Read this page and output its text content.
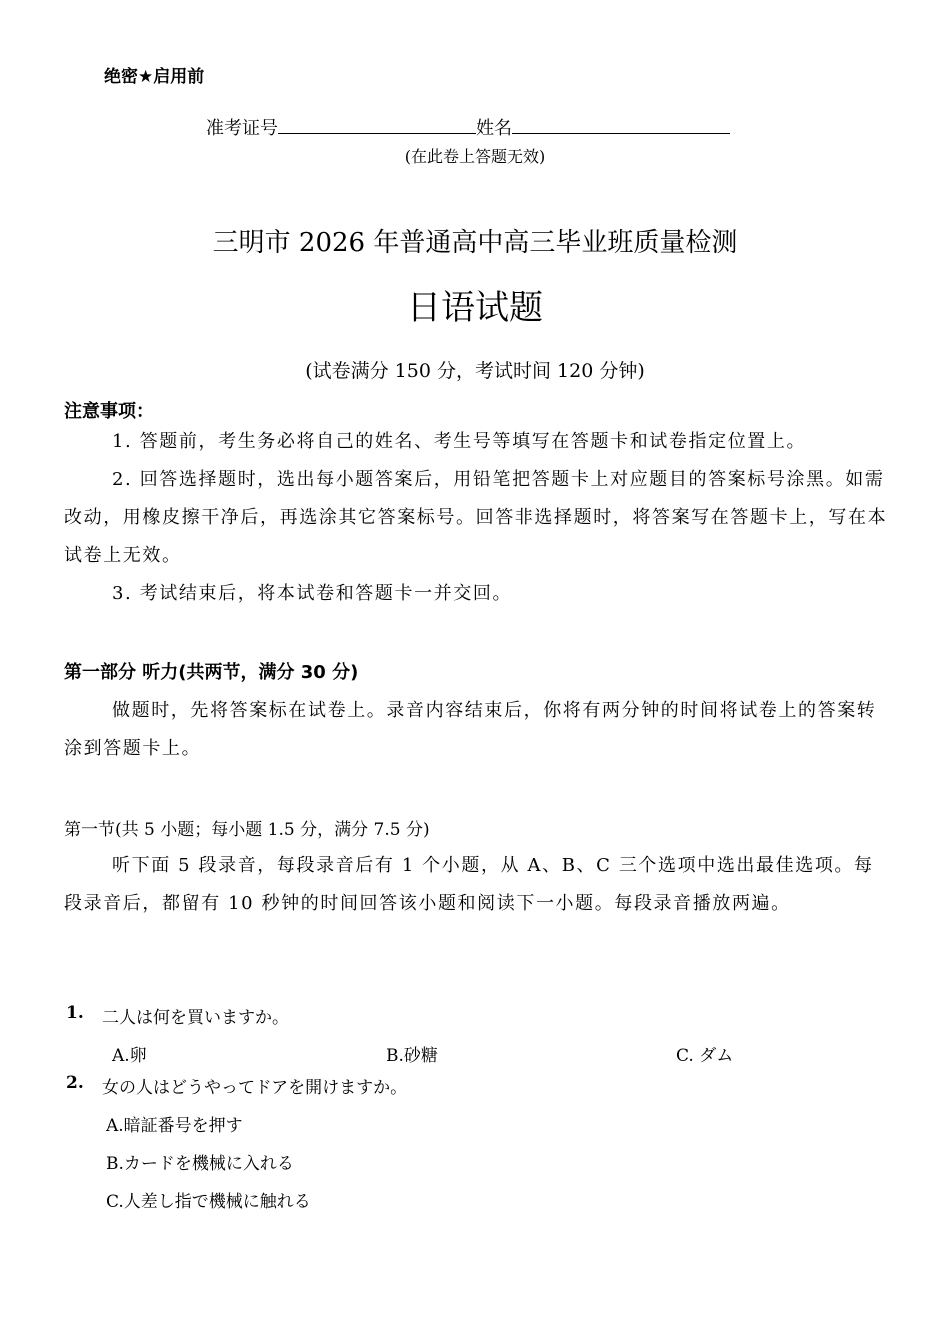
绝密★启用前
准考证号	姓名
(在此卷上答题无效)
三明市 2026 年普通高中高三毕业班质量检测
日语试题
(试卷满分 150 分，考试时间 120 分钟)
注意事项：
1. 答题前，考生务必将自己的姓名、考生号等填写在答题卡和试卷指定位置上。
2. 回答选择题时，选出每小题答案后，用铅笔把答题卡上对应题目的答案标号涂黑。如需改动，用橡皮擦干净后，再选涂其它答案标号。回答非选择题时，将答案写在答题卡上，写在本试卷上无效。
3. 考试结束后，将本试卷和答题卡一并交回。
第一部分 听力(共两节，满分 30 分)
做题时，先将答案标在试卷上。录音内容结束后，你将有两分钟的时间将试卷上的答案转涂到答题卡上。
第一节(共 5 小题；每小题 1.5 分，满分 7.5 分)
听下面 5 段录音，每段录音后有 1 个小题，从 A、B、C 三个选项中选出最佳选项。每段录音后，都留有 10 秒钟的时间回答该小题和阅读下一小题。每段录音播放两遍。
1. 二人は何を買いますか。
A.卵	B.砂糖	C. ダム
2. 女の人はどうやってドアを開けますか。
A.暗証番号を押す
B.カードを機械に入れる
C.人差し指で機械に触れる
